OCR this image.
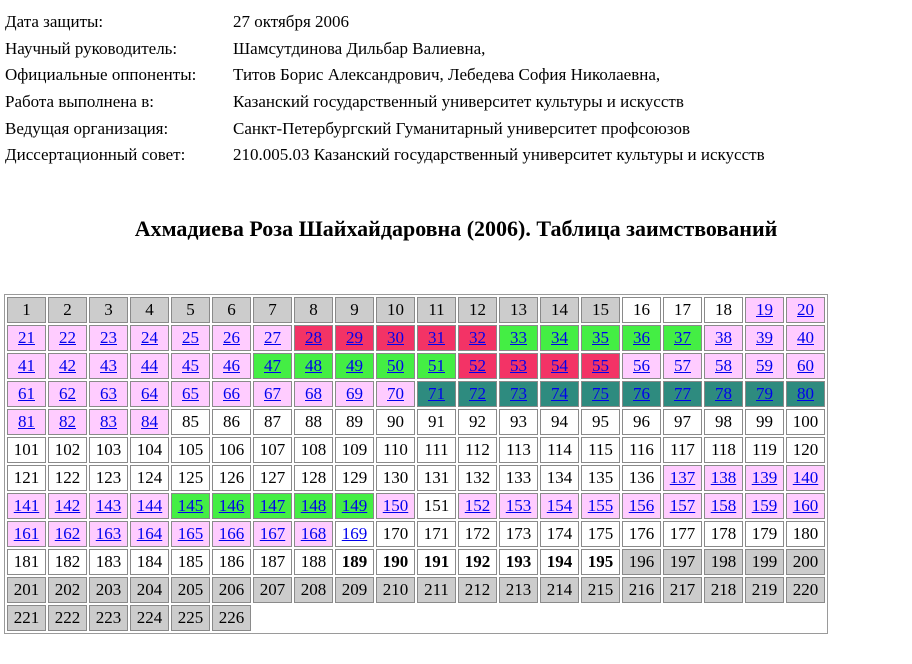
Дата защиты:	27 октября 2006
Научный руководитель:	Шамсутдинова Дильбар Валиевна,
Официальные оппоненты:	Титов Борис Александрович, Лебедева София Николаевна,
Работа выполнена в:	Казанский государственный университет культуры и искусств
Ведущая организация:	Санкт-Петербургский Гуманитарный университет профсоюзов
Диссертационный совет:	210.005.03 Казанский государственный университет культуры и искусств
Ахмадиева Роза Шайхайдаровна (2006). Таблица заимствований
1	2	3	4	5	6	7	8	9	10	11	12	13	14	15	16	17	18	19	20
21	22	23	24	25	26	27	28	29	30	31	32	33	34	35	36	37	38	39	40
41	42	43	44	45	46	47	48	49	50	51	52	53	54	55	56	57	58	59	60
61	62	63	64	65	66	67	68	69	70	71	72	73	74	75	76	77	78	79	80
81	82	83	84	85	86	87	88	89	90	91	92	93	94	95	96	97	98	99	100
101	102	103	104	105	106	107	108	109	110	111	112	113	114	115	116	117	118	119	120
121	122	123	124	125	126	127	128	129	130	131	132	133	134	135	136	137	138	139	140
141	142	143	144	145	146	147	148	149	150	151	152	153	154	155	156	157	158	159	160
161	162	163	164	165	166	167	168	169	170	171	172	173	174	175	176	177	178	179	180
181	182	183	184	185	186	187	188	189	190	191	192	193	194	195	196	197	198	199	200
201	202	203	204	205	206	207	208	209	210	211	212	213	214	215	216	217	218	219	220
221	222	223	224	225	226														
